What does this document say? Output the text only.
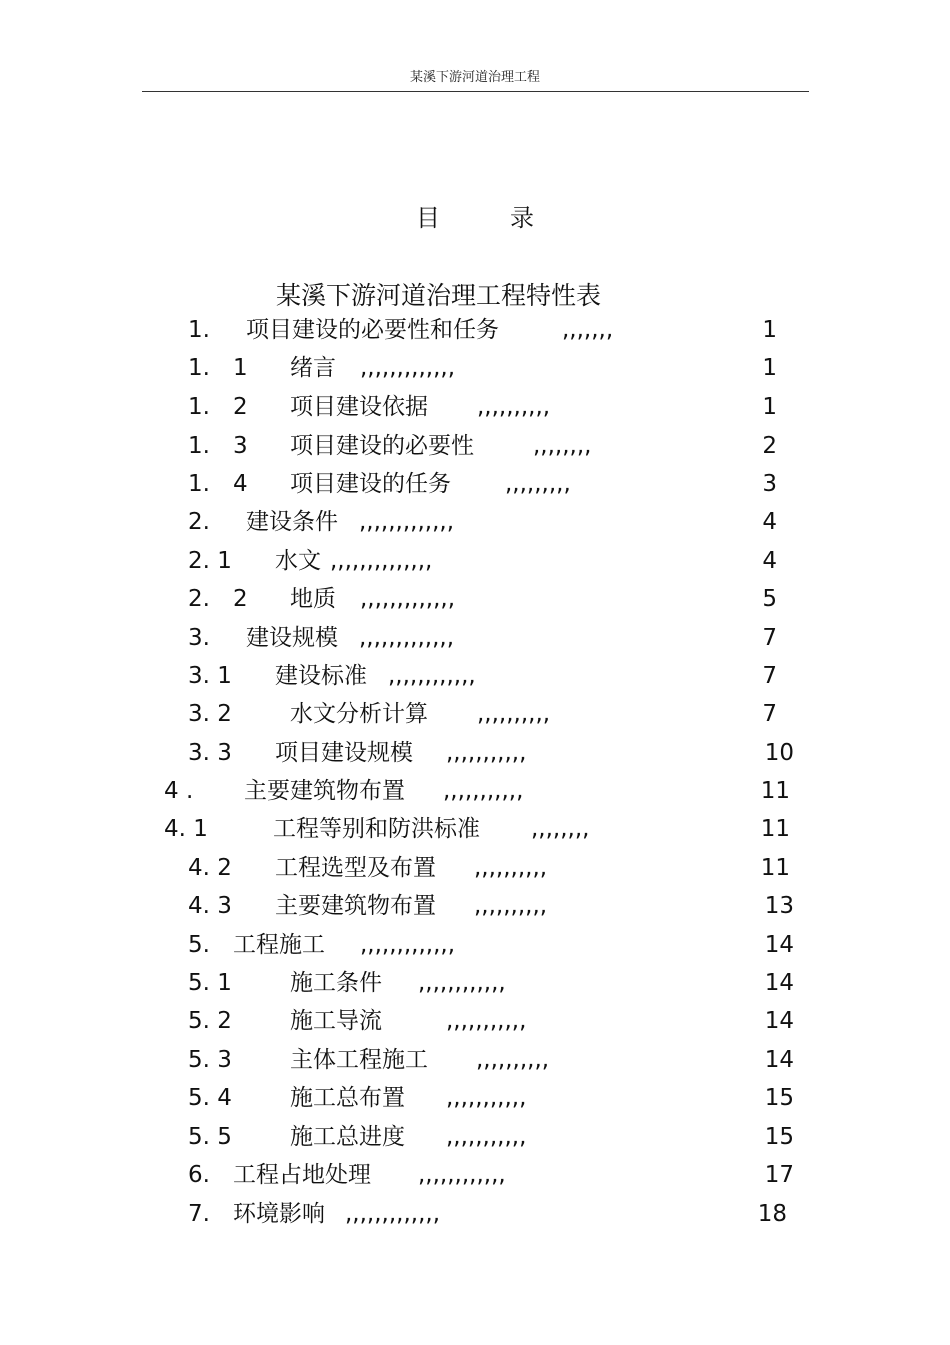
某溪下游河道治理工程
目	录
某溪下游河道治理工程特性表
1. 项目建设的必要性和任务	,,,,,,,	1
1.　1 绪言 ,,,,,,,,,,,,,	1
1.　2 项目建设依据 ,,,,,,,,,,	1
1.　3 项目建设的必要性	,,,,,,,,	2
1.　4 项目建设的任务 ,,,,,,,,,	3
2. 建设条件 ,,,,,,,,,,,,,	4
2. 1 水文 ,,,,,,,,,,,,,,	4
2.　2 地质 ,,,,,,,,,,,,,	5
3. 建设规模 ,,,,,,,,,,,,,	7
3. 1 建设标准 ,,,,,,,,,,,,	7
3. 2	水文分析计算 ,,,,,,,,,,	7
3. 3 项目建设规模 ,,,,,,,,,,,	10
4 . 主要建筑物布置 ,,,,,,,,,,,	11
4. 1	工程等别和防洪标准 ,,,,,,,,	11
4. 2 工程选型及布置 ,,,,,,,,,,	11
4. 3 主要建筑物布置 ,,,,,,,,,,	13
5. 工程施工 ,,,,,,,,,,,,,	14
5. 1	施工条件 ,,,,,,,,,,,,	14
5. 2	施工导流	,,,,,,,,,,,	14
5. 3	主体工程施工 ,,,,,,,,,,	14
5. 4	施工总布置 ,,,,,,,,,,,	15
5. 5	施工总进度 ,,,,,,,,,,,	15
6. 工程占地处理 ,,,,,,,,,,,,	17
7. 环境影响 ,,,,,,,,,,,,,	18
